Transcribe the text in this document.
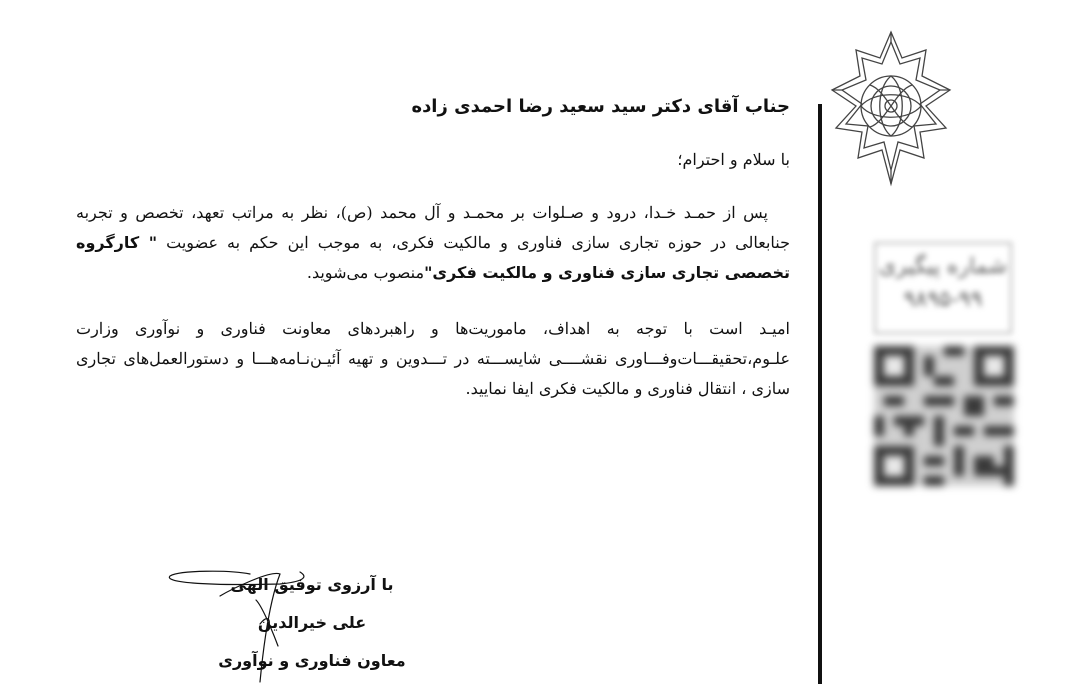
شماره پیگیری
۹۸۹۵-۹۹

جناب آقای دکتر سید سعید رضا احمدی زاده

با سلام و احترام؛

پس از حمـد خـدا، درود و صـلوات بر محمـد و آل محمد (ص)، نظر به مراتب تعهد، تخصص و تجربه جنابعالی در حوزه تجاری سازی فناوری و مالکیت فکری، به موجب این حکم به عضویت " کارگروه تخصصی تجاری سازی فناوری و مالکیت فکری"منصوب می‌شوید.

امیـد است با توجه به اهداف، ماموریت‌ها و راهبردهای معاونت فناوری و نوآوری وزارت علـوم،تحقیقـــات‌وفـــاوری نقشــــی شایســـته در تـــدوین و تهیه آئیـن‌نـامه‌هـــا و دستورالعمل‌های تجاری سازی ، انتقال فناوری و مالکیت فکری ایفا نمایید.

با آرزوی توفیق الهی
علی خیرالدین
معاون فناوری و نوآوری
